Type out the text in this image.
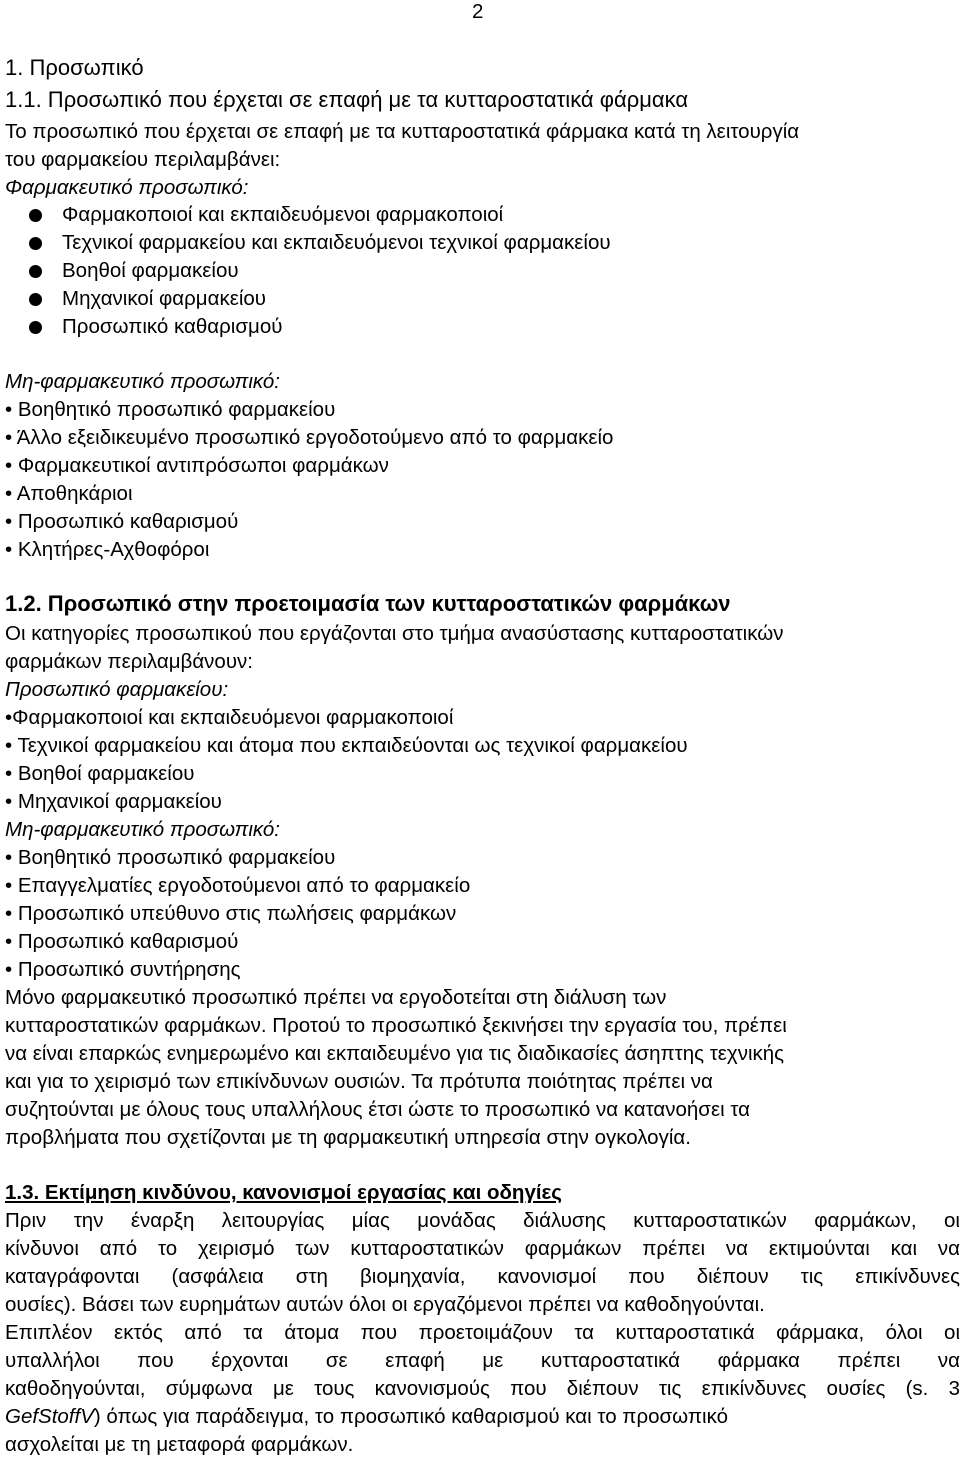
2
1. Προσωπικό
1.1. Προσωπικό που έρχεται σε επαφή με τα κυτταροστατικά φάρμακα
Το προσωπικό που έρχεται σε επαφή με τα κυτταροστατικά φάρμακα κατά τη λειτουργία
του φαρμακείου περιλαμβάνει:
Φαρμακευτικό προσωπικό:
Φαρμακοποιοί και εκπαιδευόμενοι φαρμακοποιοί
Τεχνικοί φαρμακείου και εκπαιδευόμενοι τεχνικοί φαρμακείου
Βοηθοί φαρμακείου
Μηχανικοί φαρμακείου
Προσωπικό καθαρισμού
Μη-φαρμακευτικό προσωπικό:
• Βοηθητικό προσωπικό φαρμακείου
• Άλλο εξειδικευμένο προσωπικό εργοδοτούμενο από το φαρμακείο
• Φαρμακευτικοί αντιπρόσωποι φαρμάκων
• Αποθηκάριοι
• Προσωπικό καθαρισμού
• Κλητήρες-Αχθοφόροι
1.2. Προσωπικό στην προετοιμασία των κυτταροστατικών φαρμάκων
Οι κατηγορίες προσωπικού που εργάζονται στο τμήμα ανασύστασης κυτταροστατικών
φαρμάκων περιλαμβάνουν:
Προσωπικό φαρμακείου:
•Φαρμακοποιοί και εκπαιδευόμενοι φαρμακοποιοί
• Τεχνικοί φαρμακείου και άτομα που εκπαιδεύονται ως τεχνικοί φαρμακείου
• Βοηθοί φαρμακείου
• Μηχανικοί φαρμακείου
Μη-φαρμακευτικό προσωπικό:
• Βοηθητικό προσωπικό φαρμακείου
• Επαγγελματίες εργοδοτούμενοι από το φαρμακείο
• Προσωπικό υπεύθυνο στις πωλήσεις φαρμάκων
• Προσωπικό καθαρισμού
• Προσωπικό συντήρησης
Μόνο φαρμακευτικό προσωπικό πρέπει να εργοδοτείται στη διάλυση των
κυτταροστατικών φαρμάκων. Προτού το προσωπικό ξεκινήσει την εργασία του, πρέπει
να είναι επαρκώς ενημερωμένο και εκπαιδευμένο για τις διαδικασίες άσηπτης τεχνικής
και για το χειρισμό των επικίνδυνων ουσιών. Τα πρότυπα ποιότητας πρέπει να
συζητούνται με όλους τους υπαλλήλους έτσι ώστε το προσωπικό να κατανοήσει τα
προβλήματα που σχετίζονται με τη φαρμακευτική υπηρεσία στην ογκολογία.
1.3. Εκτίμηση κινδύνου, κανονισμοί εργασίας και οδηγίες
Πριν την έναρξη λειτουργίας μίας μονάδας διάλυσης κυτταροστατικών φαρμάκων, οι
κίνδυνοι από το χειρισμό των κυτταροστατικών φαρμάκων πρέπει να εκτιμούνται και να
καταγράφονται (ασφάλεια στη βιομηχανία, κανονισμοί που διέπουν τις επικίνδυνες
ουσίες). Βάσει των ευρημάτων αυτών όλοι οι εργαζόμενοι πρέπει να καθοδηγούνται.
Επιπλέον εκτός από τα άτομα που προετοιμάζουν τα κυτταροστατικά φάρμακα, όλοι οι
υπαλλήλοι που έρχονται σε επαφή με κυτταροστατικά φάρμακα πρέπει να
καθοδηγούνται, σύμφωνα με τους κανονισμούς που διέπουν τις επικίνδυνες ουσίες (s. 3
GefStoffV) όπως για παράδειγμα, το προσωπικό καθαρισμού και το προσωπικό
ασχολείται με τη μεταφορά φαρμάκων.
